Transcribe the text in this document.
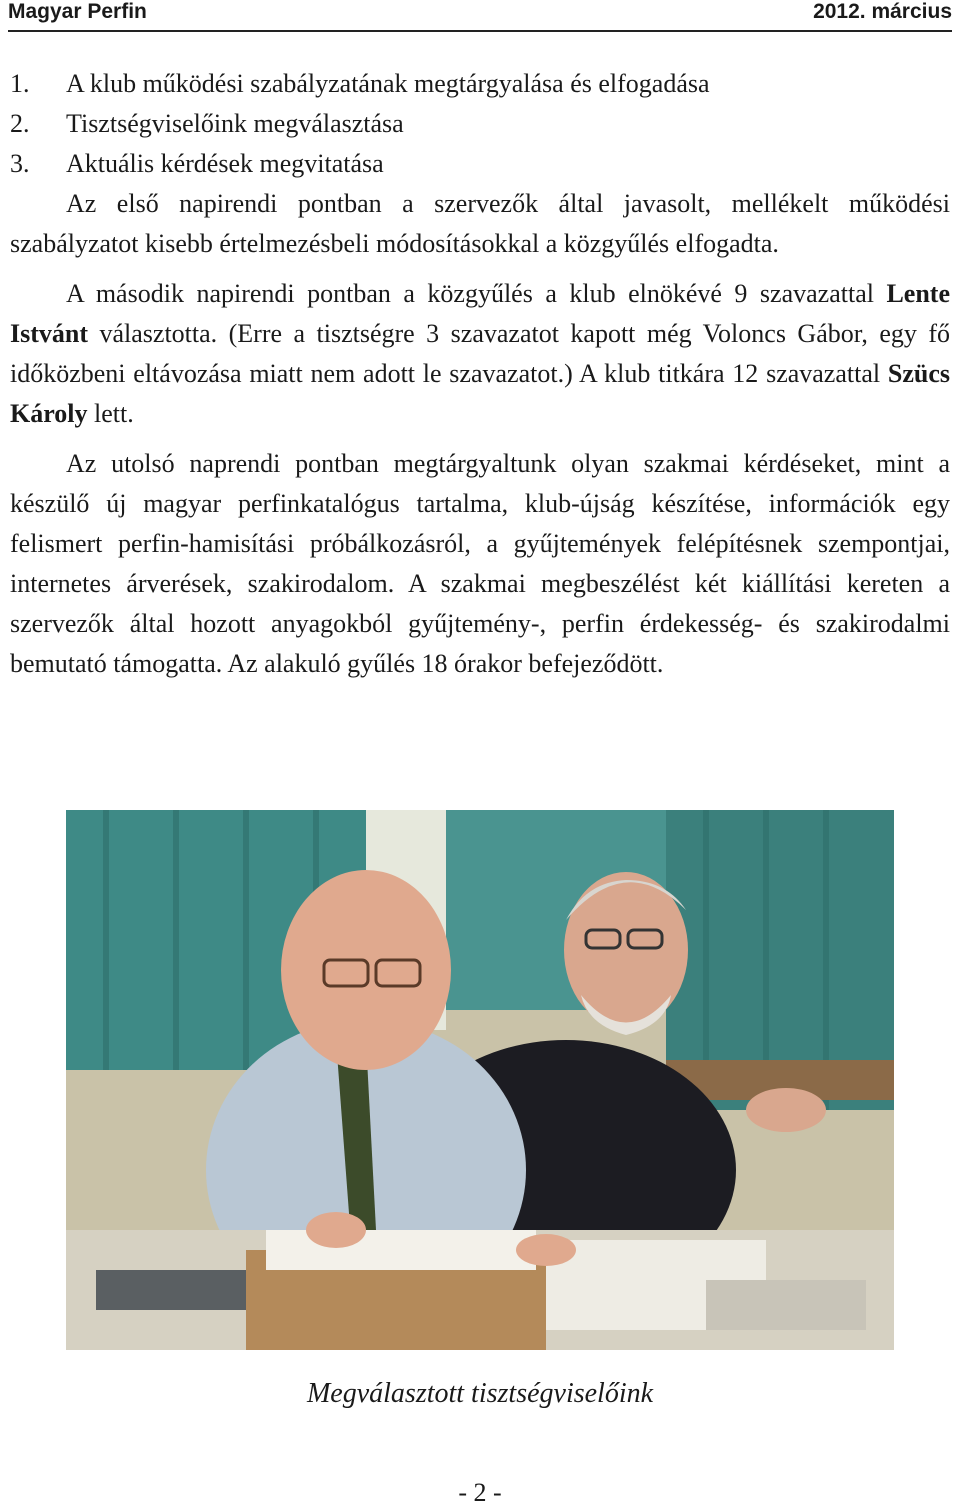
Magyar Perfin	2012. március
1. A klub működési szabályzatának megtárgyalása és elfogadása
2. Tisztségviselőink megválasztása
3. Aktuális kérdések megvitatása

Az első napirendi pontban a szervezők által javasolt, mellékelt működési szabályzatot kisebb értelmezésbeli módosításokkal a közgyűlés elfogadta.

A második napirendi pontban a közgyűlés a klub elnökévé 9 szavazattal Lente Istvánt választotta. (Erre a tisztségre 3 szavazatot kapott még Voloncs Gábor, egy fő időközbeni eltávozása miatt nem adott le szavazatot.) A klub titkára 12 szavazattal Szücs Károly lett.

Az utolsó naprendi pontban megtárgyaltunk olyan szakmai kérdéseket, mint a készülő új magyar perfinkatalógus tartalma, klub-újság készítése, információk egy felismert perfin-hamisítási próbálkozásról, a gyűjtemények felépítésnek szempontjai, internetes árverések, szakirodalom. A szakmai megbeszélést két kiállítási kereten a szervezők által hozott anyagokból gyűjtemény-, perfin érdekesség- és szakirodalmi bemutató támogatta. Az alakuló gyűlés 18 órakor befejeződött.

Megválasztott tisztségviselőink
- 2 -
